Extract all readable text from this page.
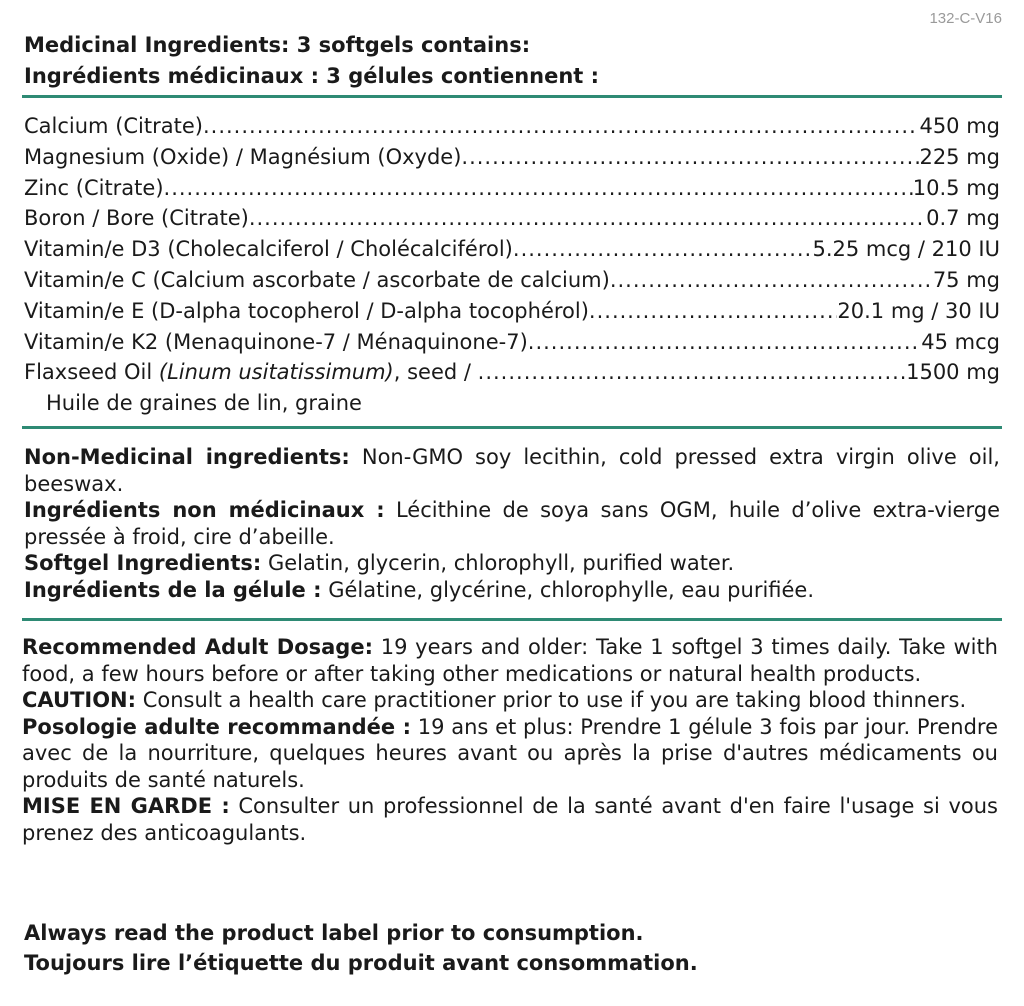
132-C-V16
Medicinal Ingredients: 3 softgels contains:
Ingrédients médicinaux : 3 gélules contiennent :
Calcium (Citrate) .....	450 mg
Magnesium (Oxide) / Magnésium (Oxyde) .....	225 mg
Zinc (Citrate) .....	10.5 mg
Boron / Bore (Citrate) .....	0.7 mg
Vitamin/e D3 (Cholecalciferol / Cholécalciférol) .....	5.25 mcg / 210 IU
Vitamin/e C (Calcium ascorbate / ascorbate de calcium) .....	75 mg
Vitamin/e E (D-alpha tocopherol / D-alpha tocophérol) .....	20.1 mg / 30 IU
Vitamin/e K2 (Menaquinone-7 / Ménaquinone-7) .....	45 mcg
Flaxseed Oil (Linum usitatissimum), seed / .....	1500 mg
Huile de graines de lin, graine

Non-Medicinal ingredients: Non-GMO soy lecithin, cold pressed extra virgin olive oil, beeswax.

Ingrédients non médicinaux : Lécithine de soya sans OGM, huile d’olive extra-vierge pressée à froid, cire d’abeille.

Softgel Ingredients: Gelatin, glycerin, chlorophyll, purified water.

Ingrédients de la gélule : Gélatine, glycérine, chlorophylle, eau purifiée.

Recommended Adult Dosage: 19 years and older: Take 1 softgel 3 times daily. Take with food, a few hours before or after taking other medications or natural health products.

CAUTION: Consult a health care practitioner prior to use if you are taking blood thinners.

Posologie adulte recommandée : 19 ans et plus: Prendre 1 gélule 3 fois par jour. Prendre avec de la nourriture, quelques heures avant ou après la prise d'autres médicaments ou produits de santé naturels.

MISE EN GARDE : Consulter un professionnel de la santé avant d'en faire l'usage si vous prenez des anticoagulants.

Always read the product label prior to consumption.
Toujours lire l’étiquette du produit avant consommation.
